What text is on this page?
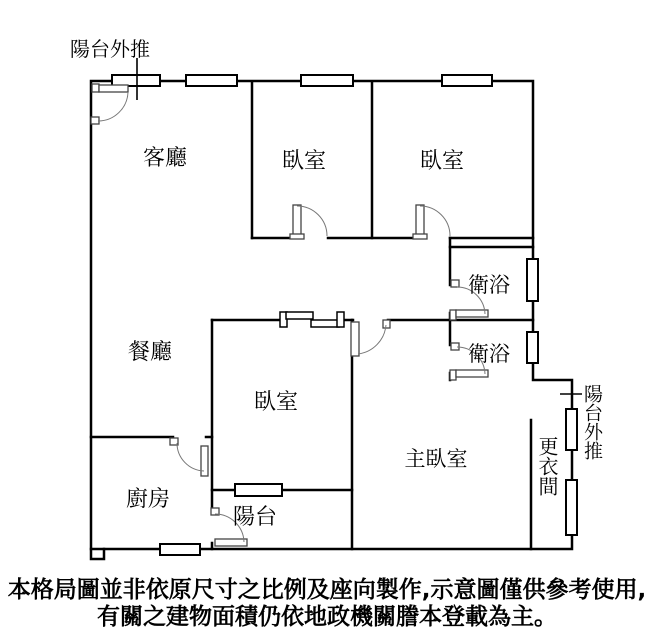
陽台外推
客廳	臥室	臥室
衛浴
衛浴
餐廳
臥室
主臥室
廚房
陽台
更衣間
陽台外推
本格局圖並非依原尺寸之比例及座向製作,示意圖僅供參考使用,
有關之建物面積仍依地政機關謄本登載為主。
